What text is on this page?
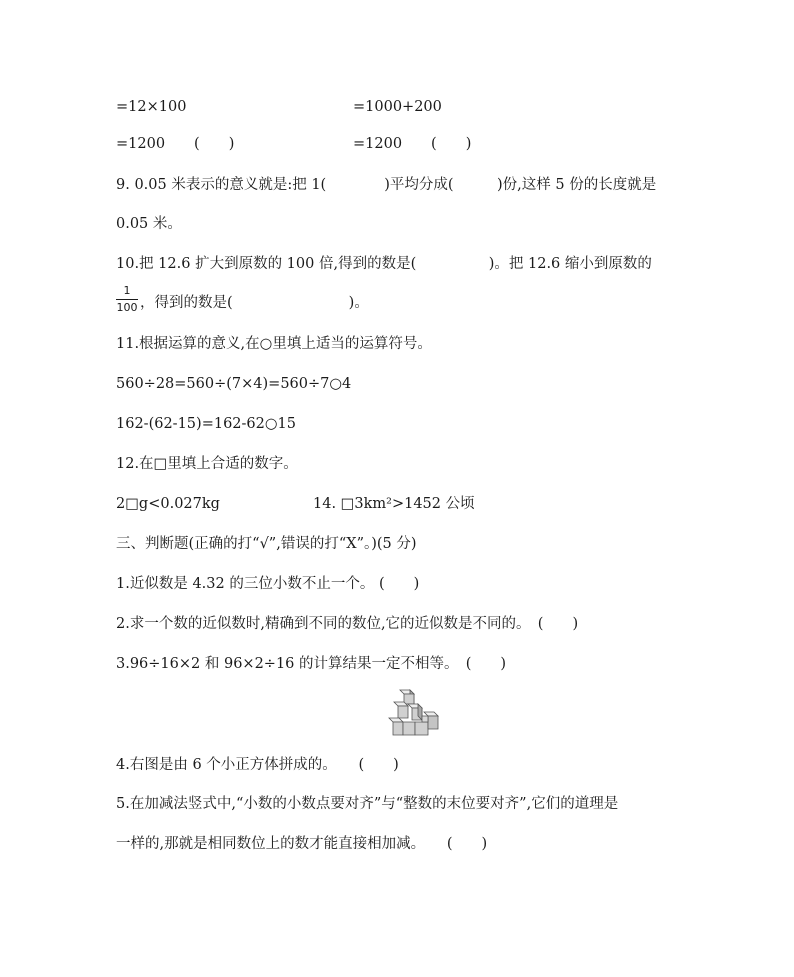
=12×100	=1000+200
=1200　　(　　)	=1200　　(　　)
9. 0.05 米表示的意义就是:把 1(　　　　)平均分成(　　　)份,这样 5 份的长度就是
0.05 米。
10.把 12.6 扩大到原数的 100 倍,得到的数是(　　　　　)。把 12.6 缩小到原数的
1
100 ，得到的数是(　　　　　　　　)。
11.根据运算的意义,在○里填上适当的运算符号。
560÷28=560÷(7×4)=560÷7○4
162-(62-15)=162-62○15
12.在□里填上合适的数字。
2□g<0.027kg	14. □3km²>1452 公顷
三、判断题(正确的打“√”,错误的打“X”。)(5 分)
1.近似数是 4.32 的三位小数不止一个。 (　　)
2.求一个数的近似数时,精确到不同的数位,它的近似数是不同的。　(　　)
3.96÷16×2 和 96×2÷16 的计算结果一定不相等。　(　　)
4.右图是由 6 个小正方体拼成的。　　(　　)
5.在加减法竖式中,“小数的小数点要对齐”与“整数的末位要对齐”,它们的道理是
一样的,那就是相同数位上的数才能直接相加减。　　(　　)
